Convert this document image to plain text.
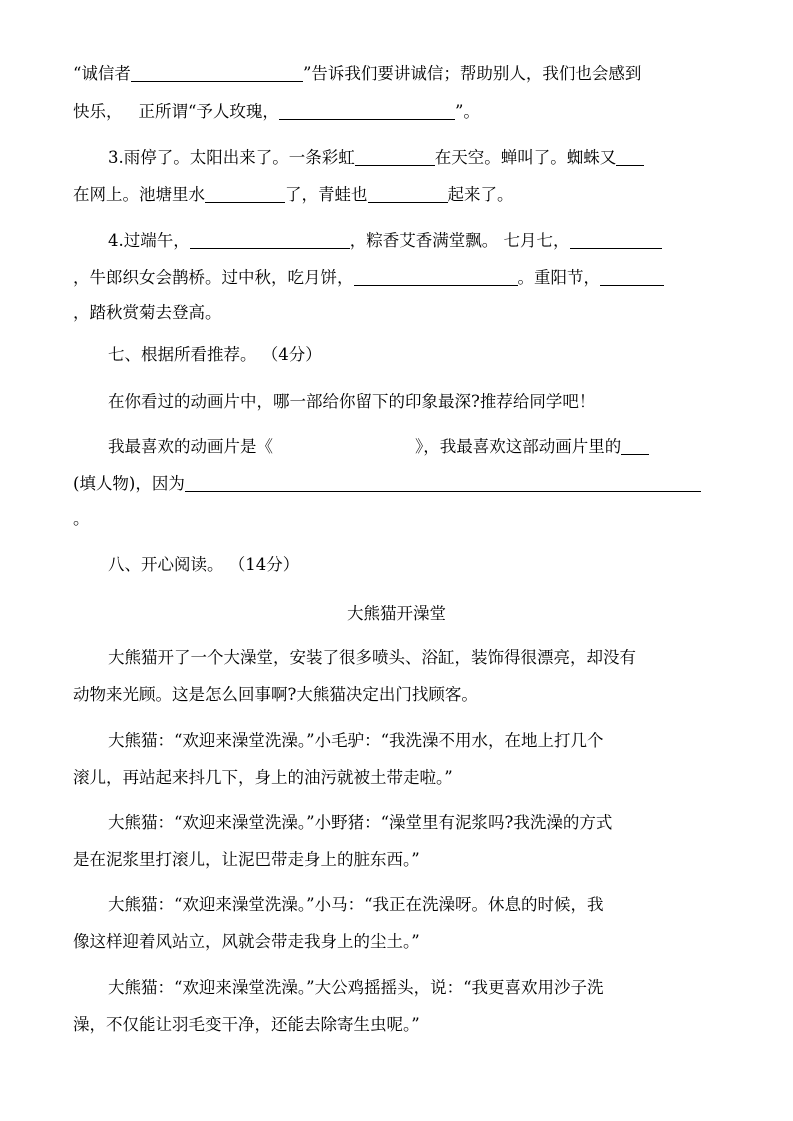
“诚信者	”告诉我们要讲诚信；帮助别人，我们也会感到
快乐， 正所谓“予人玫瑰，	”。
3.雨停了。太阳出来了。一条彩虹	在天空。蝉叫了。蜘蛛又
在网上。池塘里水	了，青蛙也	起来了。
4.过端午，	，粽香艾香满堂飘。 七月七，
，牛郎织女会鹊桥。过中秋，吃月饼，	。重阳节，
，踏秋赏菊去登高。
七、根据所看推荐。 （4分）
在你看过的动画片中，哪一部给你留下的印象最深?推荐给同学吧！
我最喜欢的动画片是《	》，我最喜欢这部动画片里的
(填人物)，因为
。
八、开心阅读。 （14分）
大熊猫开澡堂
大熊猫开了一个大澡堂，安装了很多喷头、浴缸，装饰得很漂亮，却没有
动物来光顾。这是怎么回事啊?大熊猫决定出门找顾客。
大熊猫：“欢迎来澡堂洗澡。”小毛驴：“我洗澡不用水，在地上打几个
滚儿，再站起来抖几下，身上的油污就被土带走啦。”
大熊猫：“欢迎来澡堂洗澡。”小野猪：“澡堂里有泥浆吗?我洗澡的方式
是在泥浆里打滚儿，让泥巴带走身上的脏东西。”
大熊猫：“欢迎来澡堂洗澡。”小马：“我正在洗澡呀。休息的时候，我
像这样迎着风站立，风就会带走我身上的尘土。”
大熊猫：“欢迎来澡堂洗澡。”大公鸡摇摇头，说：“我更喜欢用沙子洗
澡，不仅能让羽毛变干净，还能去除寄生虫呢。”
